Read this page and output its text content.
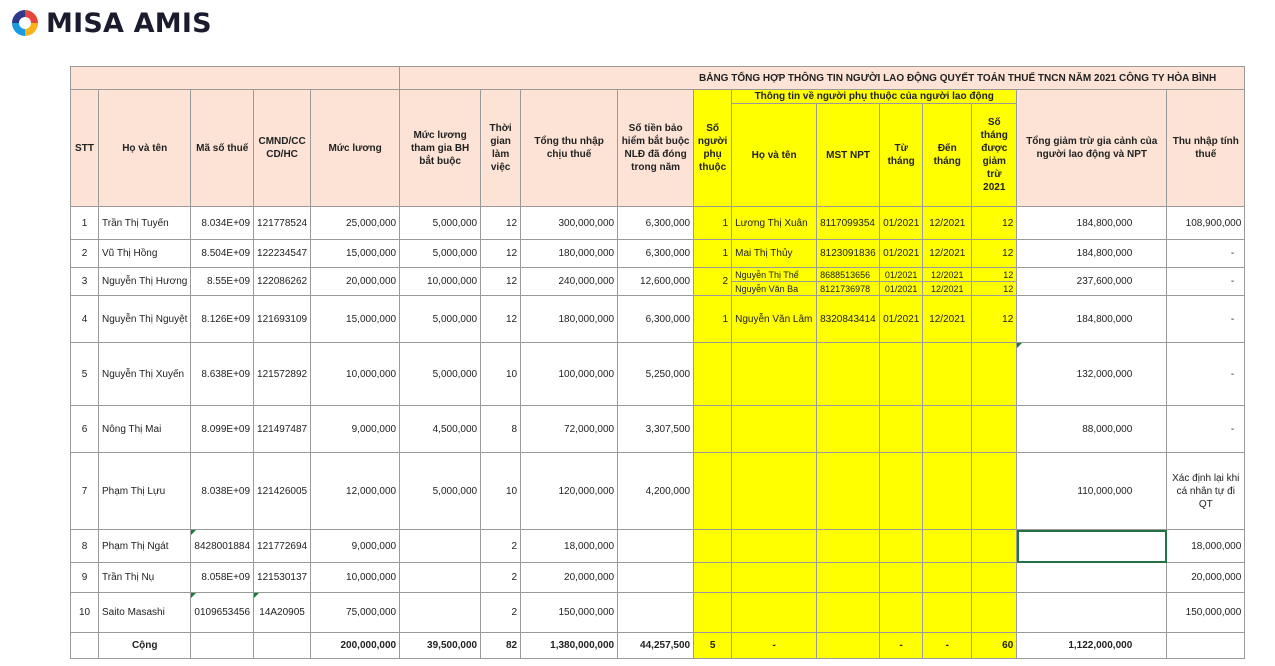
MISA AMIS
					BẢNG TỔNG HỢP THÔNG TIN NGƯỜI LAO ĐỘNG QUYẾT TOÁN THUẾ TNCN NĂM 2021 CÔNG TY HÒA BÌNH											
STT	Họ và tên	Mã số thuế	CMND/CC CD/HC	Mức lương	Mức lương tham gia BH bắt buộc	Thời gian làm việc	Tổng thu nhập chịu thuế	Số tiền bảo hiểm bắt buộc NLĐ đã đóng trong năm	Số người phụ thuộc	Thông tin về người phụ thuộc của người lao động					Tổng giảm trừ gia cảnh của người lao động và NPT	Thu nhập tính thuế
										Họ và tên	MST NPT	Từ tháng	Đến tháng	Số tháng được giảm trừ 2021		
1	Trần Thị Tuyến	8.034E+09	121778524	25,000,000	5,000,000	12	300,000,000	6,300,000	1	Lương Thị Xuân	8117099354	01/2021	12/2021	12	184,800,000	108,900,000
2	Vũ Thị Hồng	8.504E+09	122234547	15,000,000	5,000,000	12	180,000,000	6,300,000	1	Mai Thị Thủy	8123091836	01/2021	12/2021	12	184,800,000	-
3	Nguyễn Thị Hương	8.55E+09	122086262	20,000,000	10,000,000	12	240,000,000	12,600,000	2	Nguyễn Thị Thể	8688513656	01/2021	12/2021	12	237,600,000	-
										Nguyễn Văn Ba	8121736978	01/2021	12/2021	12		
4	Nguyễn Thị Nguyệt	8.126E+09	121693109	15,000,000	5,000,000	12	180,000,000	6,300,000	1	Nguyễn Văn Lâm	8320843414	01/2021	12/2021	12	184,800,000	-
5	Nguyễn Thị Xuyến	8.638E+09	121572892	10,000,000	5,000,000	10	100,000,000	5,250,000							132,000,000	-
6	Nông Thị Mai	8.099E+09	121497487	9,000,000	4,500,000	8	72,000,000	3,307,500							88,000,000	-
7	Phạm Thị Lựu	8.038E+09	121426005	12,000,000	5,000,000	10	120,000,000	4,200,000							110,000,000	Xác định lại khi cá nhân tự đi QT
8	Phạm Thị Ngát	8428001884	121772694	9,000,000		2	18,000,000									18,000,000
9	Trần Thị Nụ	8.058E+09	121530137	10,000,000		2	20,000,000									20,000,000
10	Saito Masashi	0109653456	14A20905	75,000,000		2	150,000,000									150,000,000
	Cộng			200,000,000	39,500,000	82	1,380,000,000	44,257,500	5	-		-	-	60	1,122,000,000	
